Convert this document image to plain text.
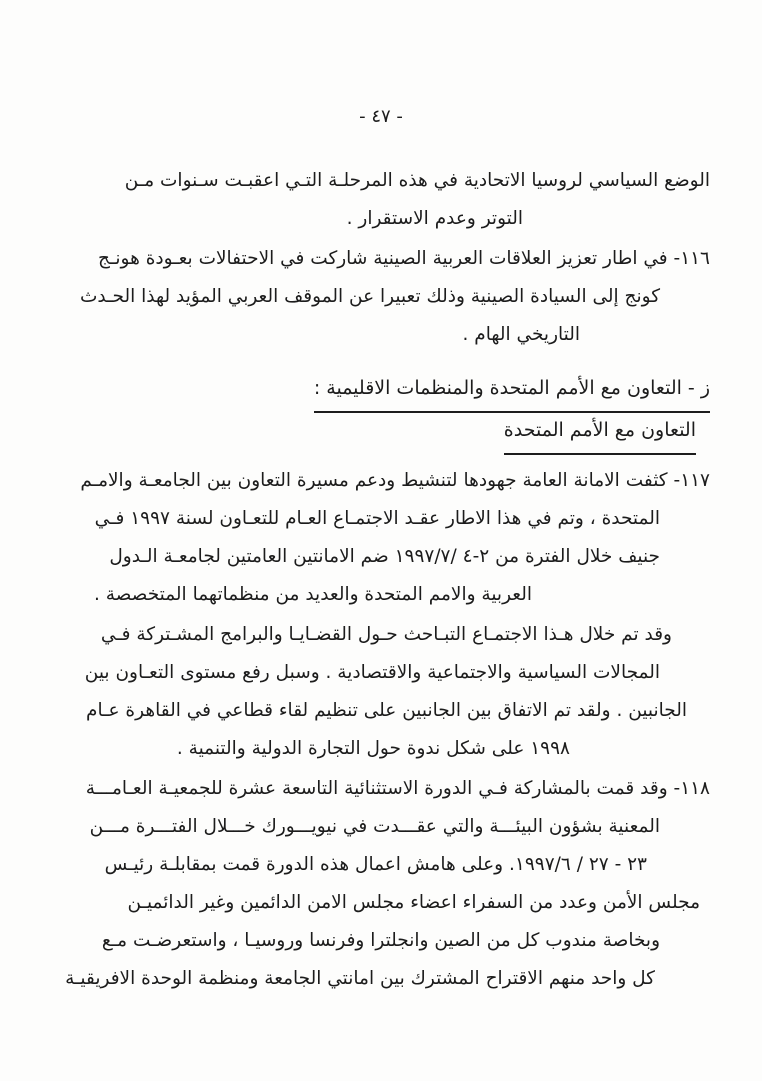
- ٤٧ -
الوضع السياسي لروسيا الاتحادية في هذه المرحلـة التـي اعقبـت سـنوات مـن
التوتر وعدم الاستقرار .
١١٦- في اطار تعزيز العلاقات العربية الصينية شاركت في الاحتفالات بعـودة هونـج
كونج إلى السيادة الصينية وذلك تعبيرا عن الموقف العربي المؤيد لهذا الحـدث
التاريخي الهام .
ز - التعاون مع الأمم المتحدة والمنظمات الاقليمية :
التعاون مع الأمم المتحدة
١١٧- كثفت الامانة العامة جهودها لتنشيط ودعم مسيرة التعاون بين الجامعـة والامـم
المتحدة ، وتم في هذا الاطار عقـد الاجتمـاع العـام للتعـاون لسنة ١٩٩٧ فـي
جنيف خلال الفترة من ٢-٤ /١٩٩٧/٧ ضم الامانتين العامتين لجامعـة الـدول
العربية والامم المتحدة والعديد من منظماتهما المتخصصة .
وقد تم خلال هـذا الاجتمـاع التبـاحث حـول القضـايـا والبرامج المشـتركة فـي
المجالات السياسية والاجتماعية والاقتصادية . وسبل رفع مستوى التعـاون بين
الجانبين . ولقد تم الاتفاق بين الجانبين على تنظيم لقاء قطاعي في القاهرة عـام
١٩٩٨ على شكل ندوة حول التجارة الدولية والتنمية .
١١٨- وقد قمت بالمشاركة فـي الدورة الاستثنائية التاسعة عشرة للجمعيـة العـامـــة
المعنية بشؤون البيئـــة والتي عقـــدت في نيويـــورك خـــلال الفتـــرة مـــن
٢٣ - ٢٧ / ١٩٩٧/٦. وعلى هامش اعمال هذه الدورة قمت بمقابلـة رئيـس
مجلس الأمن وعدد من السفراء اعضاء مجلس الامن الدائمين وغير الدائميـن
وبخاصة مندوب كل من الصين وانجلترا وفرنسا وروسيـا ، واستعرضـت مـع
كل واحد منهم الاقتراح المشترك بين امانتي الجامعة ومنظمة الوحدة الافريقيـة
